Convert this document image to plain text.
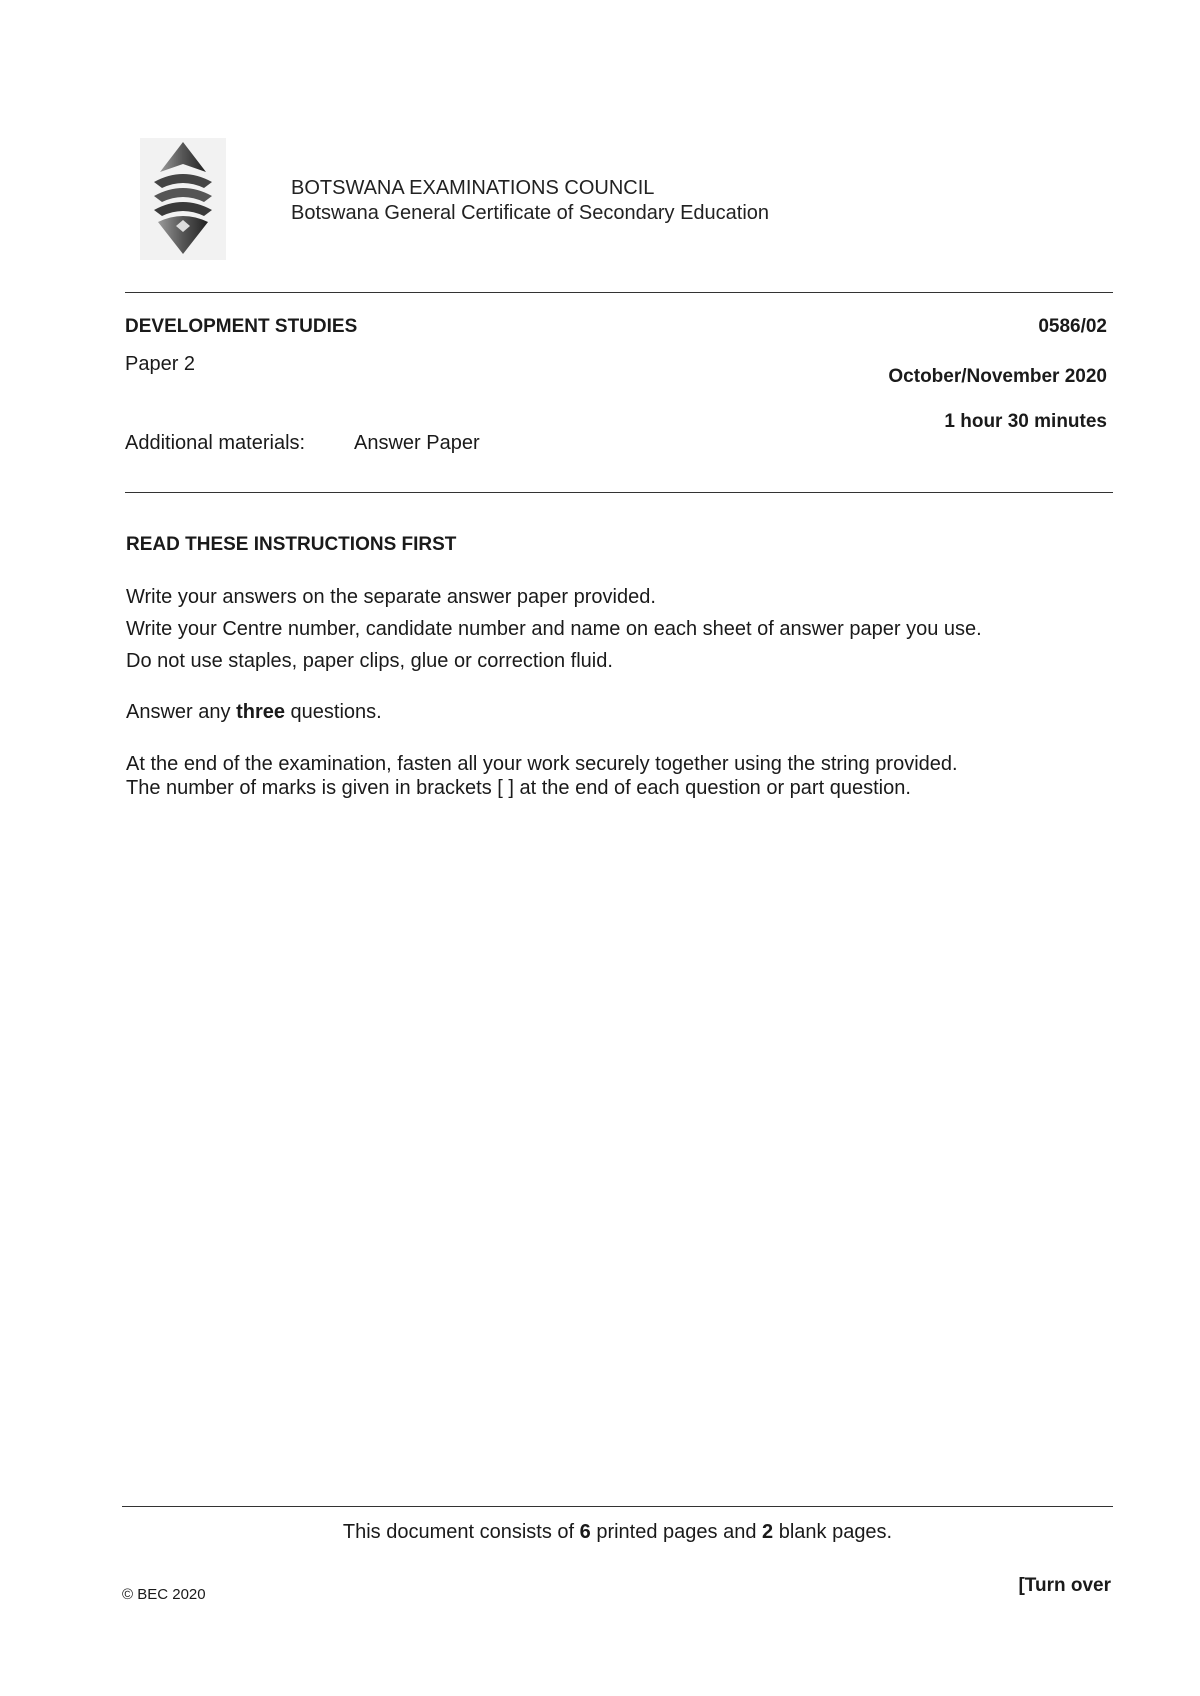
BOTSWANA EXAMINATIONS COUNCIL
Botswana General Certificate of Secondary Education
DEVELOPMENT STUDIES
Paper 2
0586/02
October/November 2020
1 hour 30 minutes
Additional materials: Answer Paper
READ THESE INSTRUCTIONS FIRST
Write your answers on the separate answer paper provided.
Write your Centre number, candidate number and name on each sheet of answer paper you use.
Do not use staples, paper clips, glue or correction fluid.
Answer any three questions.
At the end of the examination, fasten all your work securely together using the string provided.
The number of marks is given in brackets [ ] at the end of each question or part question.
This document consists of 6 printed pages and 2 blank pages.
© BEC 2020	[Turn over
